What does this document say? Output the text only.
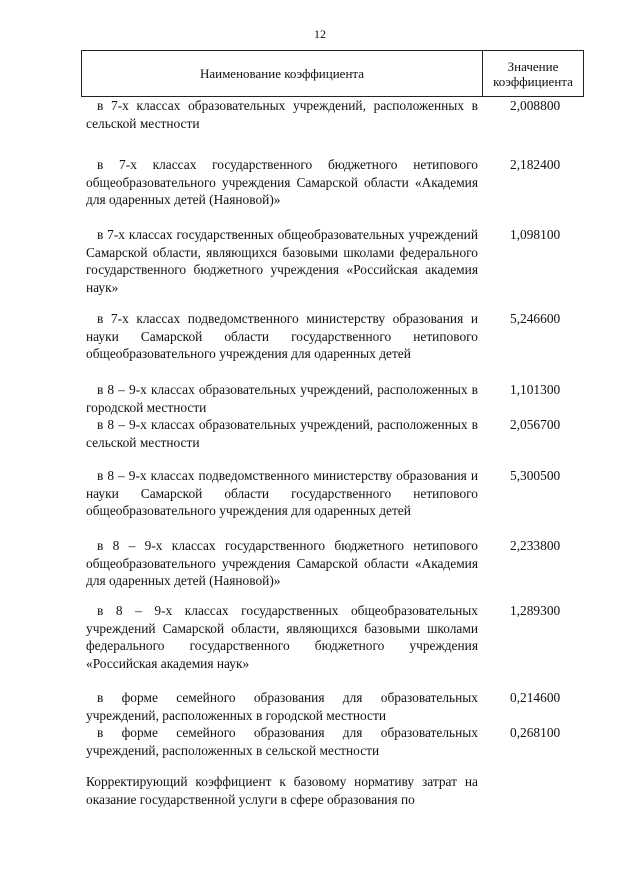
12
Наименование коэффициента	Значение
коэффициента
в 7-х классах образовательных учреждений, расположенных в сельской местности
2,008800
в 7-х классах государственного бюджетного нетипового общеобразовательного учреждения Самарской области «Академия для одаренных детей (Наяновой)»
2,182400
в 7-х классах государственных общеобразовательных учреждений Самарской области, являющихся базовыми школами федерального государственного бюджетного учреждения «Российская академия наук»
1,098100
в 7-х классах подведомственного министерству образования и науки Самарской области государственного нетипового общеобразовательного учреждения для одаренных детей
5,246600
в 8 – 9-х классах образовательных учреждений, расположенных в городской местности
1,101300
в 8 – 9-х классах образовательных учреждений, расположенных в сельской местности
2,056700
в 8 – 9-х классах подведомственного министерству образования и науки Самарской области государственного нетипового общеобразовательного учреждения для одаренных детей
5,300500
в 8 – 9-х классах государственного бюджетного нетипового общеобразовательного учреждения Самарской области «Академия для одаренных детей (Наяновой)»
2,233800
в 8 – 9-х классах государственных общеобразовательных учреждений Самарской области, являющихся базовыми школами федерального государственного бюджетного учреждения «Российская академия наук»
1,289300
в форме семейного образования для образовательных учреждений, расположенных в городской местности
0,214600
в форме семейного образования для образовательных учреждений, расположенных в сельской местности
0,268100
Корректирующий коэффициент к базовому нормативу затрат на оказание государственной услуги в сфере образования по
